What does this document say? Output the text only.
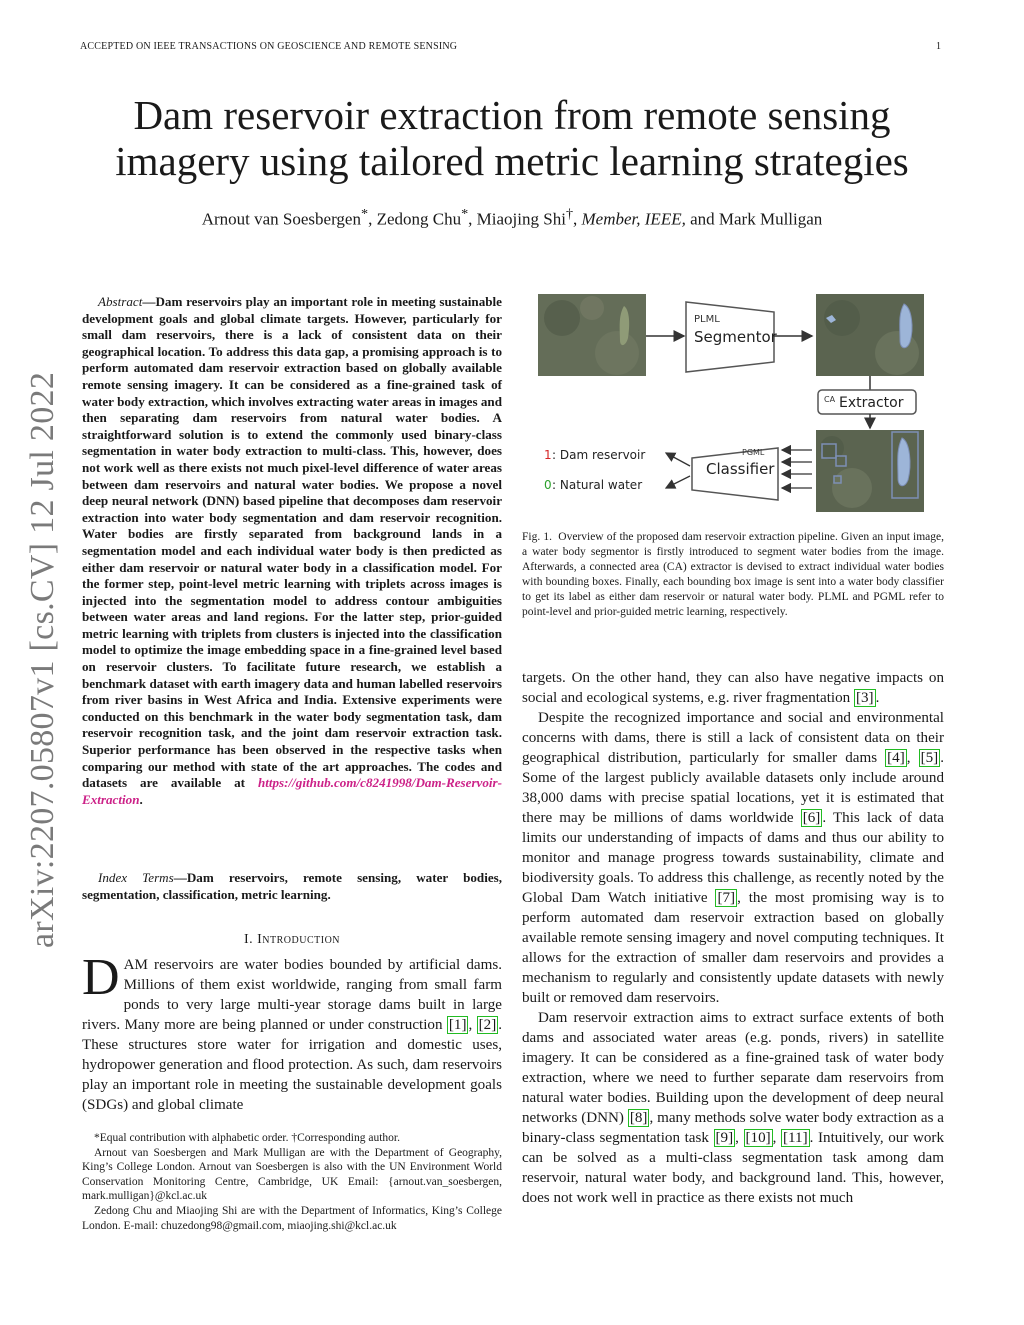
ACCEPTED ON IEEE TRANSACTIONS ON GEOSCIENCE AND REMOTE SENSING	1
arXiv:2207.05807v1 [cs.CV] 12 Jul 2022
Dam reservoir extraction from remote sensing
imagery using tailored metric learning strategies
Arnout van Soesbergen*, Zedong Chu*, Miaojing Shi†, Member, IEEE, and Mark Mulligan
Abstract—Dam reservoirs play an important role in meeting sustainable development goals and global climate targets. However, particularly for small dam reservoirs, there is a lack of consistent data on their geographical location. To address this data gap, a promising approach is to perform automated dam reservoir extraction based on globally available remote sensing imagery. It can be considered as a fine-grained task of water body extraction, which involves extracting water areas in images and then separating dam reservoirs from natural water bodies. A straightforward solution is to extend the commonly used binary-class segmentation in water body extraction to multi-class. This, however, does not work well as there exists not much pixel-level difference of water areas between dam reservoirs and natural water bodies. We propose a novel deep neural network (DNN) based pipeline that decomposes dam reservoir extraction into water body segmentation and dam reservoir recognition. Water bodies are firstly separated from background lands in a segmentation model and each individual water body is then predicted as either dam reservoir or natural water body in a classification model. For the former step, point-level metric learning with triplets across images is injected into the segmentation model to address contour ambiguities between water areas and land regions. For the latter step, prior-guided metric learning with triplets from clusters is injected into the classification model to optimize the image embedding space in a fine-grained level based on reservoir clusters. To facilitate future research, we establish a benchmark dataset with earth imagery data and human labelled reservoirs from river basins in West Africa and India. Extensive experiments were conducted on this benchmark in the water body segmentation task, dam reservoir recognition task, and the joint dam reservoir extraction task. Superior performance has been observed in the respective tasks when comparing our method with state of the art approaches. The codes and datasets are available at https://github.com/c8241998/Dam-Reservoir-Extraction.
Index Terms—Dam reservoirs, remote sensing, water bodies, segmentation, classification, metric learning.
I. Introduction
DAM reservoirs are water bodies bounded by artificial dams. Millions of them exist worldwide, ranging from small farm ponds to very large multi-year storage dams built in large rivers. Many more are being planned or under construction [1] , [2] . These structures store water for irrigation and domestic uses, hydropower generation and flood protection. As such, dam reservoirs play an important role in meeting the sustainable development goals (SDGs) and global climate

*Equal contribution with alphabetic order. †Corresponding author.

Arnout van Soesbergen and Mark Mulligan are with the Department of Geography, King’s College London. Arnout van Soesbergen is also with the UN Environment World Conservation Monitoring Centre, Cambridge, UK Email: {arnout.van_soesbergen, mark.mulligan}@kcl.ac.uk

Zedong Chu and Miaojing Shi are with the Department of Informatics, King’s College London. E-mail: chuzedong98@gmail.com, miaojing.shi@kcl.ac.uk

PLML
Segmentor
CA Extractor
PGML
Classifier
1 : Dam reservoir
0 : Natural water
Fig. 1. Overview of the proposed dam reservoir extraction pipeline. Given an input image, a water body segmentor is firstly introduced to segment water bodies from the image. Afterwards, a connected area (CA) extractor is devised to extract individual water bodies with bounding boxes. Finally, each bounding box image is sent into a water body classifier to get its label as either dam reservoir or natural water body. PLML and PGML refer to point-level and prior-guided metric learning, respectively.
targets. On the other hand, they can also have negative impacts on social and ecological systems, e.g. river fragmentation [3] .

Despite the recognized importance and social and environmental concerns with dams, there is still a lack of consistent data on their geographical distribution, particularly for smaller dams [4] , [5] . Some of the largest publicly available datasets only include around 38,000 dams with precise spatial locations, yet it is estimated that there may be millions of dams worldwide [6] . This lack of data limits our understanding of impacts of dams and thus our ability to monitor and manage progress towards sustainability, climate and biodiversity goals. To address this challenge, as recently noted by the Global Dam Watch initiative [7] , the most promising way is to perform automated dam reservoir extraction based on globally available remote sensing imagery and novel computing techniques. It allows for the extraction of smaller dam reservoirs and provides a mechanism to regularly and consistently update datasets with newly built or removed dam reservoirs.

Dam reservoir extraction aims to extract surface extents of both dams and associated water areas (e.g. ponds, rivers) in satellite imagery. It can be considered as a fine-grained task of water body extraction, where we need to further separate dam reservoirs from natural water bodies. Building upon the development of deep neural networks (DNN) [8] , many methods solve water body extraction as a binary-class segmentation task [9] , [10] , [11] . Intuitively, our work can be solved as a multi-class segmentation task among dam reservoir, natural water body, and background land. This, however, does not work well in practice as there exists not much
